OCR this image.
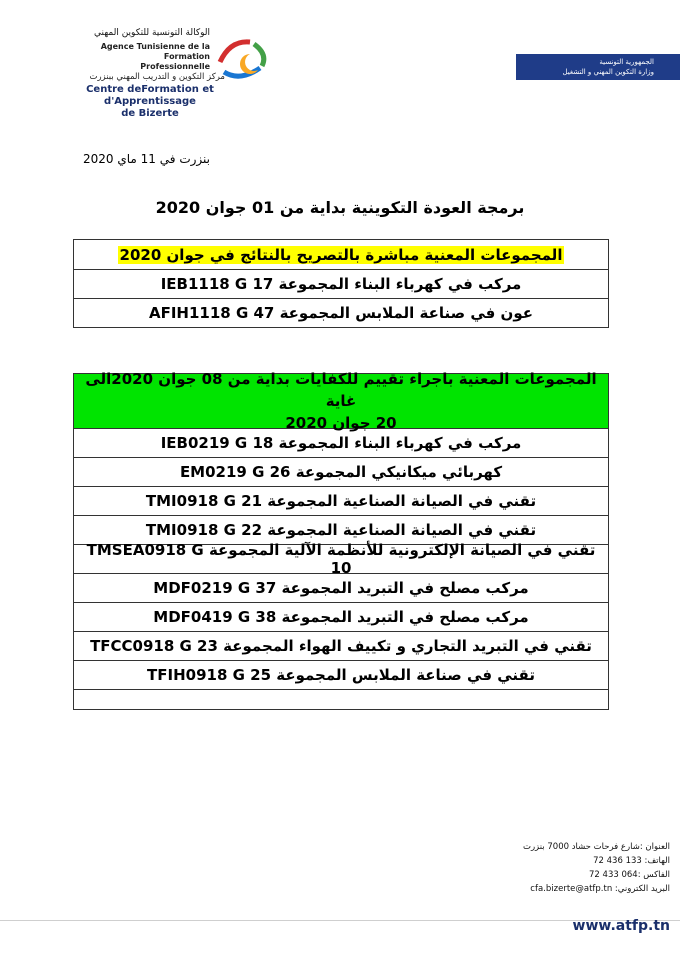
الوكالة التونسية للتكوين المهني
Agence Tunisienne de la Formation
Professionnelle
مركز التكوين و التدريب المهني ببنزرت
Centre deFormation et d'Apprentissage
de Bizerte
الجمهورية التونسية
وزارة التكوين المهني و التشغيل
بنزرت في 11 ماي 2020
برمجة العودة التكوينية بداية من 01 جوان 2020
المجموعات المعنية مباشرة بالتصريح بالنتائج في جوان 2020
مركب في كهرباء البناء المجموعة IEB1118 G 17
عون في صناعة الملابس المجموعة AFIH1118 G 47
المجموعات المعنية باجراء تقييم للكفايات بداية من 08 جوان 2020الى غاية
20 جوان 2020
مركب في كهرباء البناء المجموعة IEB0219 G 18
كهربائي ميكانيكي المجموعة EM0219 G 26
تقني في الصيانة الصناعية المجموعة TMI0918 G 21
تقني في الصيانة الصناعية المجموعة TMI0918 G 22
تقني في الصيانة الإلكترونية للأنظمة الآلية المجموعة TMSEA0918 G 10
مركب مصلح في التبريد المجموعة MDF0219 G 37
مركب مصلح في التبريد المجموعة MDF0419 G 38
تقني في التبريد التجاري و تكييف الهواء المجموعة TFCC0918 G 23
تقني في صناعة الملابس المجموعة TFIH0918 G 25
العنوان :شارع فرحات حشاد 7000 بنزرت
الهاتف: 133 436 72
الفاكس :064 433 72
البريد الكتروني: cfa.bizerte@atfp.tn
www.atfp.tn
